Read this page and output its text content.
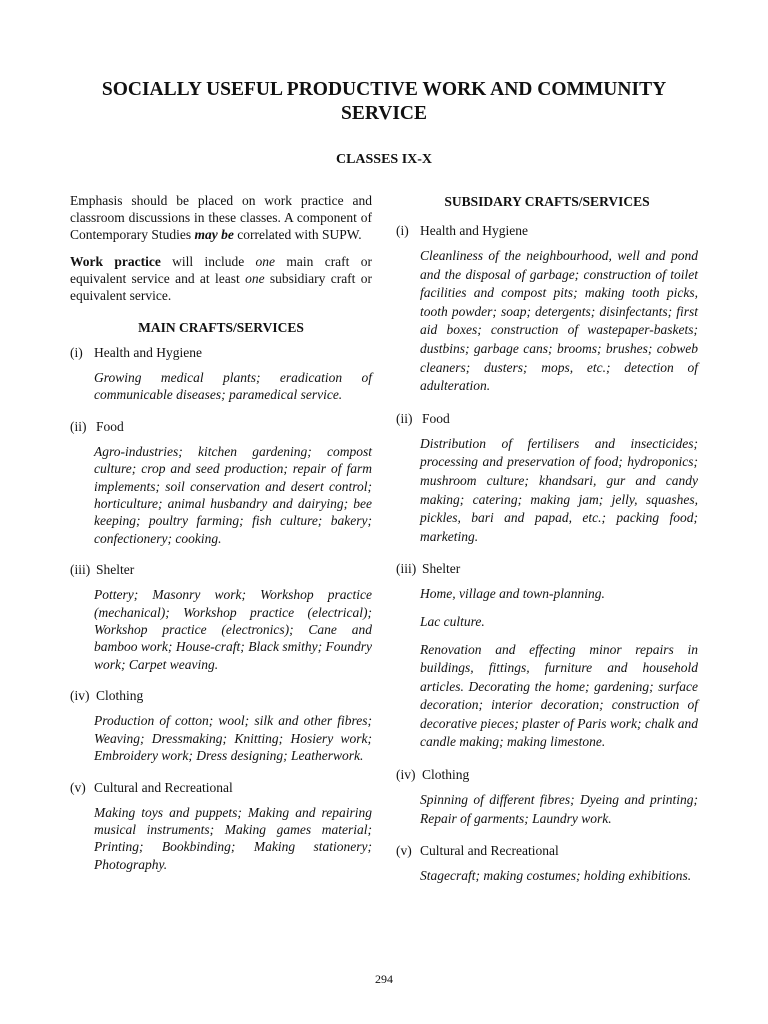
SOCIALLY USEFUL PRODUCTIVE WORK AND COMMUNITY
SERVICE

CLASSES IX-X

Emphasis should be placed on work practice and classroom discussions in these classes. A component of Contemporary Studies may be correlated with SUPW.

Work practice will include one main craft or equivalent service and at least one subsidiary craft or equivalent service.

MAIN CRAFTS/SERVICES
(i) Health and Hygiene

Growing medical plants; eradication of communicable diseases; paramedical service.

(ii) Food

Agro-industries; kitchen gardening; compost culture; crop and seed production; repair of farm implements; soil conservation and desert control; horticulture; animal husbandry and dairying; bee keeping; poultry farming; fish culture; bakery; confectionery; cooking.

(iii) Shelter

Pottery; Masonry work; Workshop practice (mechanical); Workshop practice (electrical); Workshop practice (electronics); Cane and bamboo work; House-craft; Black smithy; Foundry work; Carpet weaving.

(iv) Clothing

Production of cotton; wool; silk and other fibres; Weaving; Dressmaking; Knitting; Hosiery work; Embroidery work; Dress designing; Leatherwork.

(v) Cultural and Recreational

Making toys and puppets; Making and repairing musical instruments; Making games material; Printing; Bookbinding; Making stationery; Photography.

SUBSIDARY CRAFTS/SERVICES
(i) Health and Hygiene

Cleanliness of the neighbourhood, well and pond and the disposal of garbage; construction of toilet facilities and compost pits; making tooth picks, tooth powder; soap; detergents; disinfectants; first aid boxes; construction of wastepaper-baskets; dustbins; garbage cans; brooms; brushes; cobweb cleaners; dusters; mops, etc.; detection of adulteration.

(ii) Food

Distribution of fertilisers and insecticides; processing and preservation of food; hydroponics; mushroom culture; khandsari, gur and candy making; catering; making jam; jelly, squashes, pickles, bari and papad, etc.; packing food; marketing.

(iii) Shelter

Home, village and town-planning.

Lac culture.

Renovation and effecting minor repairs in buildings, fittings, furniture and household articles. Decorating the home; gardening; surface decoration; interior decoration; construction of decorative pieces; plaster of Paris work; chalk and candle making; making limestone.

(iv) Clothing

Spinning of different fibres; Dyeing and printing; Repair of garments; Laundry work.

(v) Cultural and Recreational

Stagecraft; making costumes; holding exhibitions.

294
